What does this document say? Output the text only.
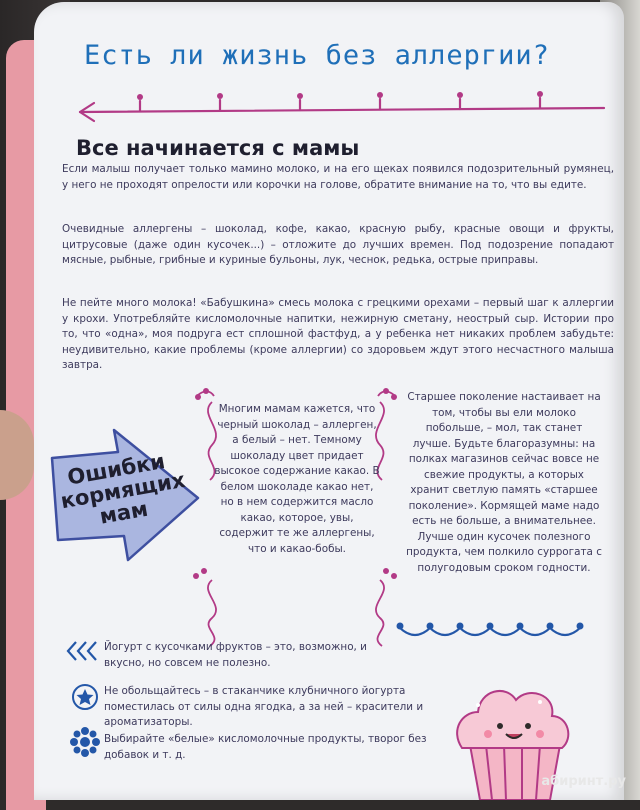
Есть ли жизнь без аллергии?
Все начинается с мамы
Если малыш получает только мамино молоко, и на его щеках появился подозрительный румянец, у него не проходят опрелости или корочки на голове, обратите внимание на то, что вы едите.
Очевидные аллергены – шоколад, кофе, какао, красную рыбу, красные овощи и фрукты, цитрусовые (даже один кусочек...) – отложите до лучших времен. Под подозрение попадают мясные, рыбные, грибные и куриные бульоны, лук, чеснок, редька, острые приправы.
Не пейте много молока! «Бабушкина» смесь молока с грецкими орехами – первый шаг к аллергии у крохи. Употребляйте кисломолочные напитки, нежирную сметану, неострый сыр. Истории про то, что «одна», моя подруга ест сплошной фастфуд, а у ребенка нет никаких проблем забудьте: неудивительно, какие проблемы (кроме аллергии) со здоровьем ждут этого несчастного малыша завтра.
Ошибки кормящих мам
Многим мамам кажется, что черный шоколад – аллерген, а белый – нет. Темному шоколаду цвет придает высокое содержание какао. В белом шоколаде какао нет, но в нем содержится масло какао, которое, увы, содержит те же аллергены, что и какао-бобы.
Старшее поколение настаивает на том, чтобы вы ели молоко побольше, – мол, так станет лучше. Будьте благоразумны: на полках магазинов сейчас вовсе не свежие продукты, а которых хранит светлую память «старшее поколение». Кормящей маме надо есть не больше, а внимательнее. Лучше один кусочек полезного продукта, чем полкило суррогата с полугодовым сроком годности.
Йогурт с кусочками фруктов – это, возможно, и вкусно, но совсем не полезно.
Не обольщайтесь – в стаканчике клубничного йогурта поместилась от силы одна ягодка, а за ней – красители и ароматизаторы.
Выбирайте «белые» кисломолочные продукты, творог без добавок и т. д.
абиринт.ру
